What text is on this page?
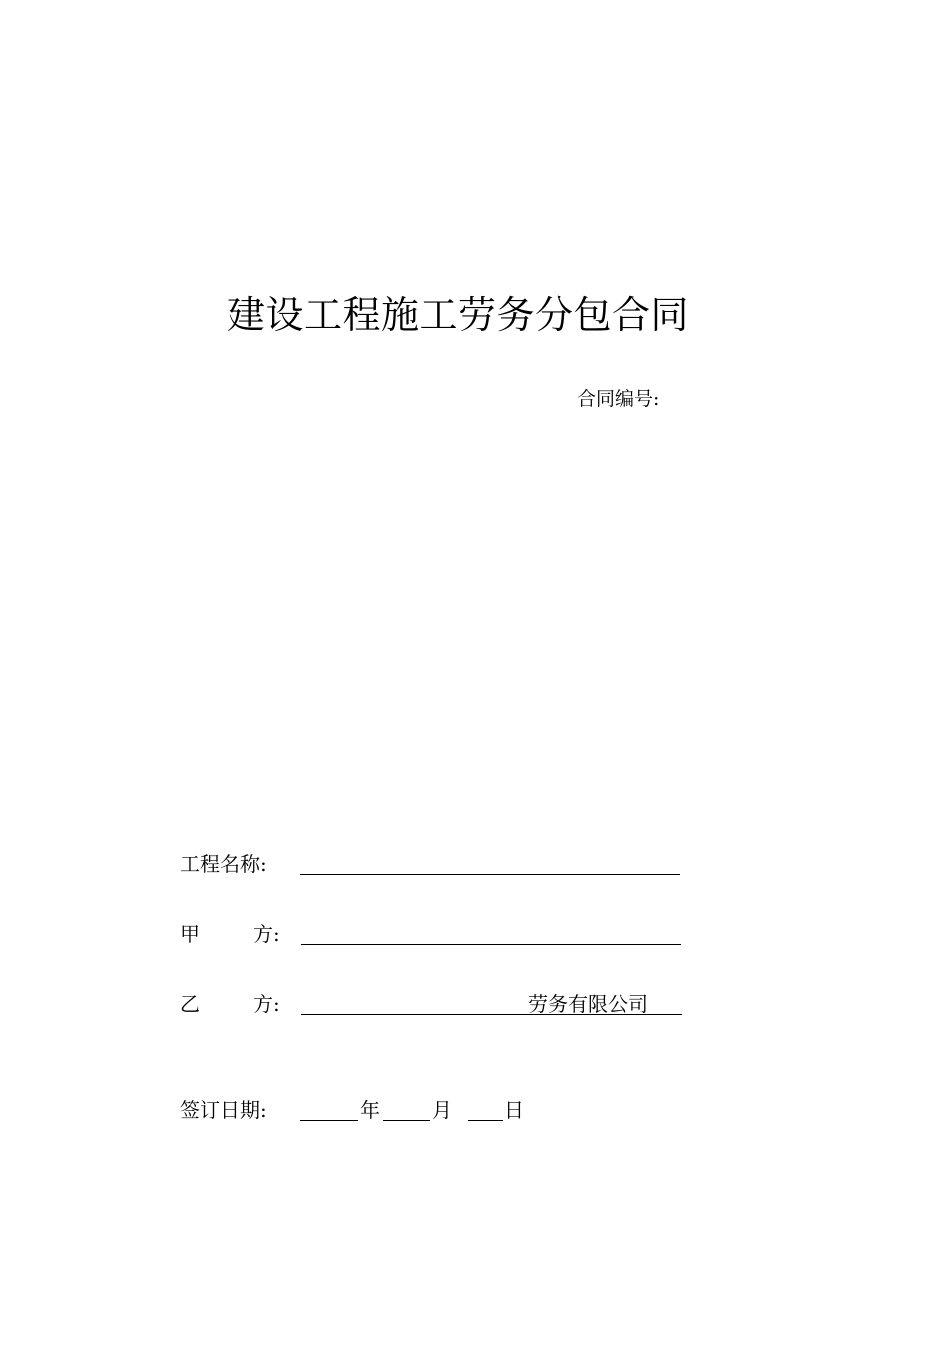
建设工程施工劳务分包合同
合同编号:
工程名称:
甲	方:
乙	方:	劳务有限公司
签订日期:	年	月	日
